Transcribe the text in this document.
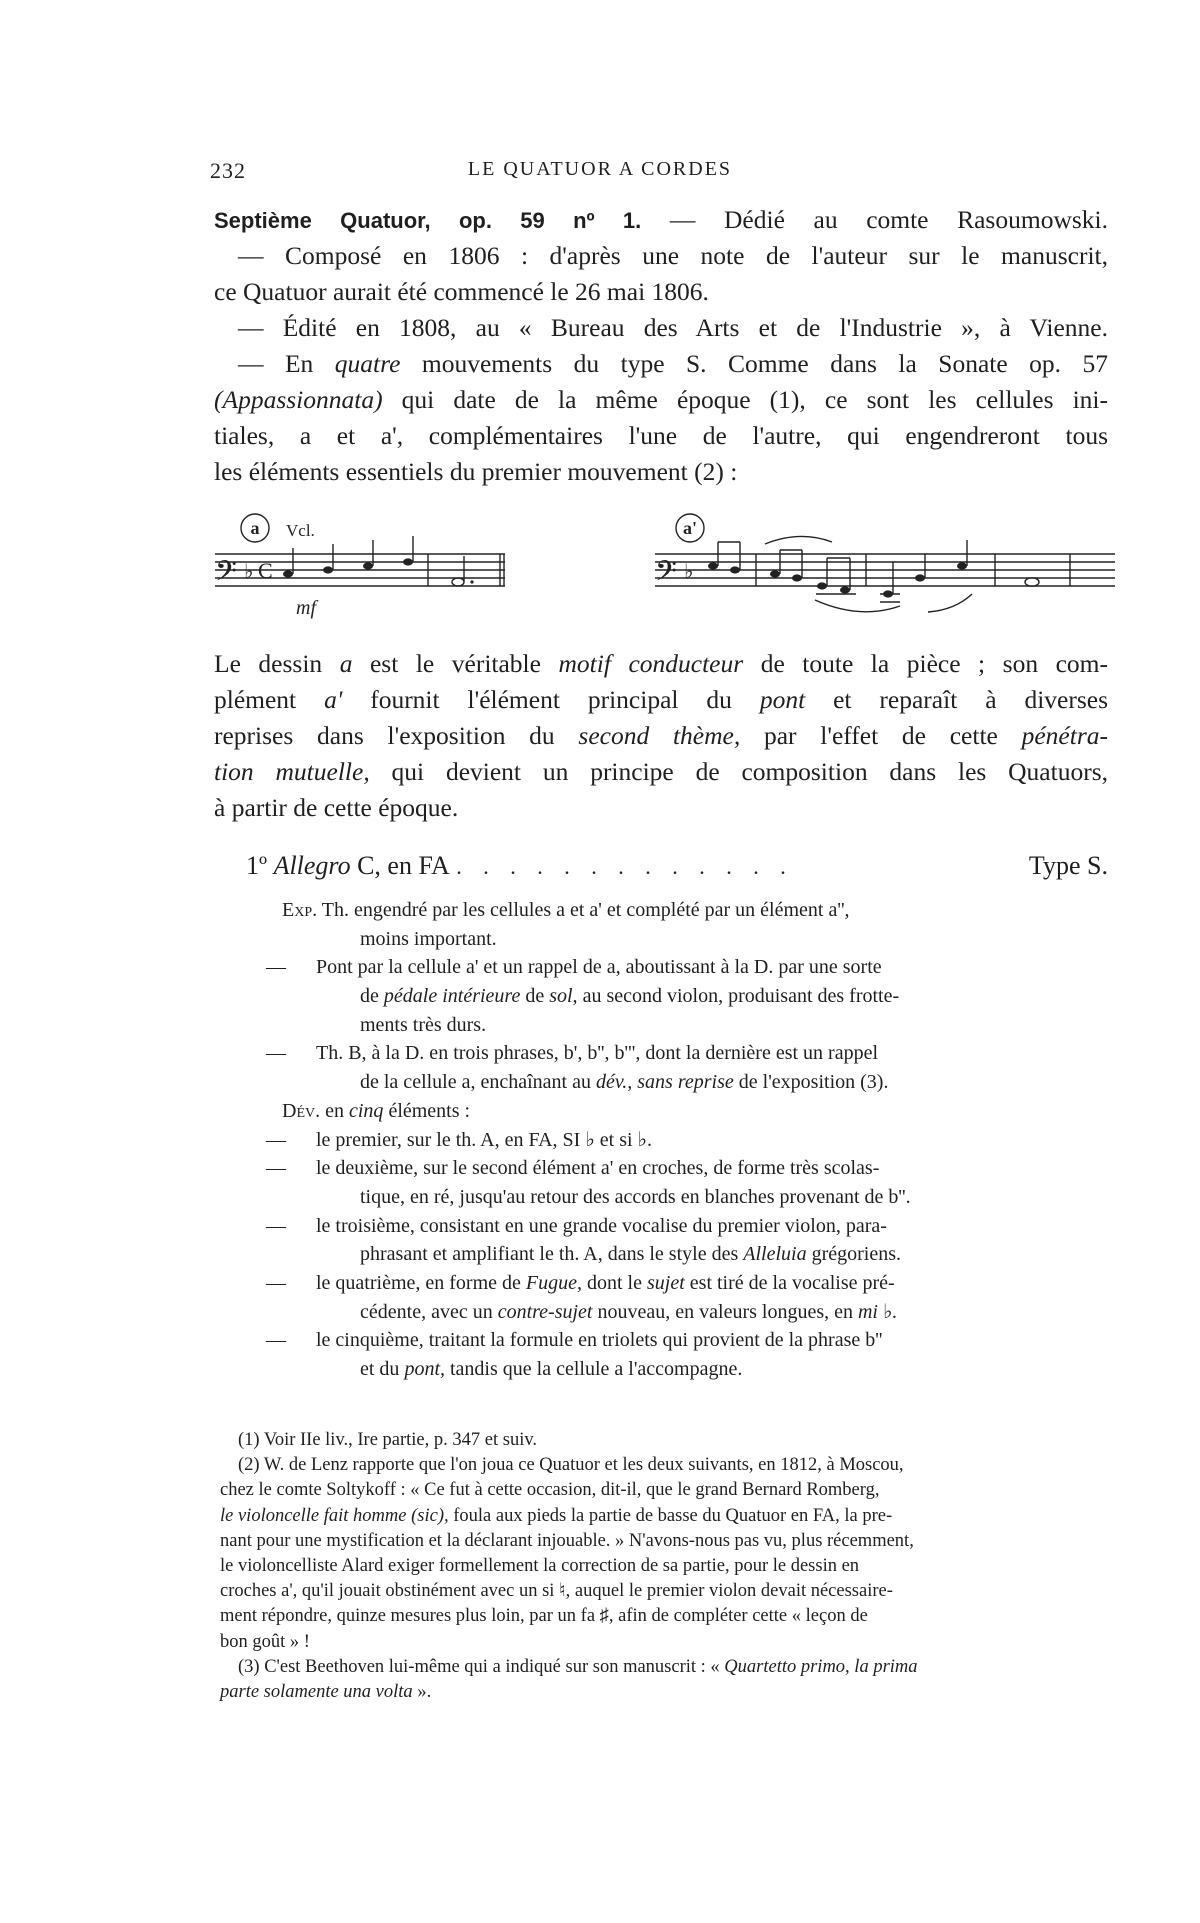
232	LE QUATUOR A CORDES
Septième Quatuor, op. 59 nº 1. — Dédié au comte Rasoumowski.
— Composé en 1806 : d'après une note de l'auteur sur le manuscrit,
ce Quatuor aurait été commencé le 26 mai 1806.
— Édité en 1808, au « Bureau des Arts et de l'Industrie », à Vienne.
— En quatre mouvements du type S. Comme dans la Sonate op. 57
(Appassionnata) qui date de la même époque (1), ce sont les cellules ini-
tiales, a et a', complémentaires l'une de l'autre, qui engendreront tous
les éléments essentiels du premier mouvement (2) :
a Vcl.
𝄢 ♭ C
mf
a'
𝄢 ♭
Le dessin a est le véritable motif conducteur de toute la pièce ; son com-
plément a' fournit l'élément principal du pont et reparaît à diverses
reprises dans l'exposition du second thème, par l'effet de cette pénétra-
tion mutuelle, qui devient un principe de composition dans les Quatuors,
à partir de cette époque.
1º Allegro C, en FA . . . . . . . . . . . . .	Type S.
Exp. Th. engendré par les cellules a et a' et complété par un élément a'',
moins important.
— Pont par la cellule a' et un rappel de a, aboutissant à la D. par une sorte
de pédale intérieure de sol, au second violon, produisant des frotte-
ments très durs.
— Th. B, à la D. en trois phrases, b', b'', b''', dont la dernière est un rappel
de la cellule a, enchaînant au dév., sans reprise de l'exposition (3).
Dév. en cinq éléments :
— le premier, sur le th. A, en FA, SI ♭ et si ♭.
— le deuxième, sur le second élément a' en croches, de forme très scolas-
tique, en ré, jusqu'au retour des accords en blanches provenant de b''.
— le troisième, consistant en une grande vocalise du premier violon, para-
phrasant et amplifiant le th. A, dans le style des Alleluia grégoriens.
— le quatrième, en forme de Fugue, dont le sujet est tiré de la vocalise pré-
cédente, avec un contre-sujet nouveau, en valeurs longues, en mi ♭.
— le cinquième, traitant la formule en triolets qui provient de la phrase b''
et du pont, tandis que la cellule a l'accompagne.
(1) Voir IIe liv., Ire partie, p. 347 et suiv.
(2) W. de Lenz rapporte que l'on joua ce Quatuor et les deux suivants, en 1812, à Moscou,
chez le comte Soltykoff : « Ce fut à cette occasion, dit-il, que le grand Bernard Romberg,
le violoncelle fait homme (sic), foula aux pieds la partie de basse du Quatuor en FA, la pre-
nant pour une mystification et la déclarant injouable. » N'avons-nous pas vu, plus récemment,
le violoncelliste Alard exiger formellement la correction de sa partie, pour le dessin en
croches a', qu'il jouait obstinément avec un si ♮, auquel le premier violon devait nécessaire-
ment répondre, quinze mesures plus loin, par un fa ♯, afin de compléter cette « leçon de
bon goût » !
(3) C'est Beethoven lui-même qui a indiqué sur son manuscrit : « Quartetto primo, la prima
parte solamente una volta ».
